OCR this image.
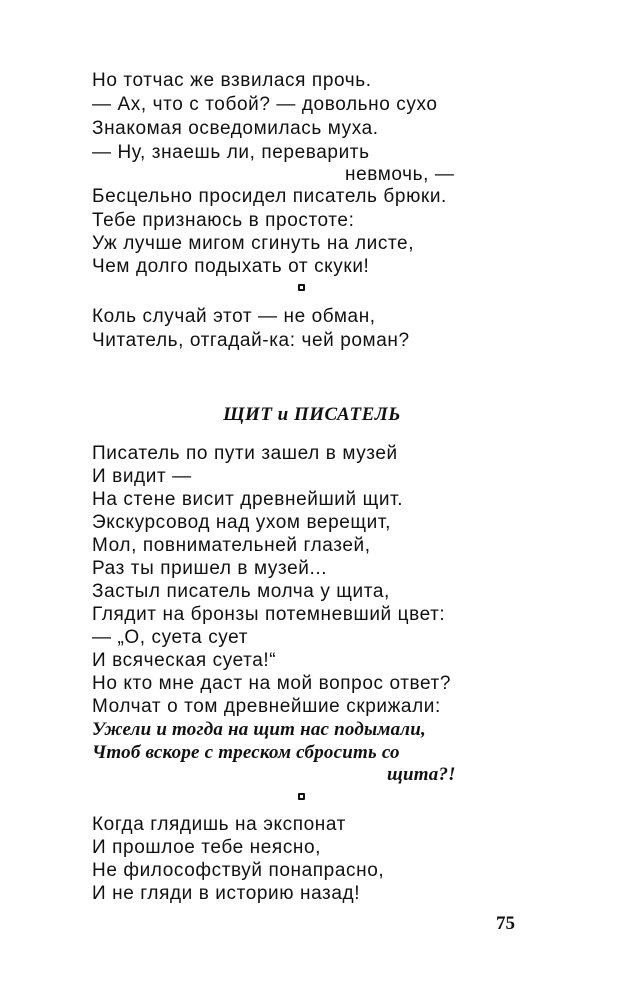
Но тотчас же взвилася прочь.
— Ах, что с тобой? — довольно сухо
Знакомая осведомилась муха.
— Ну, знаешь ли, переварить
невмочь, —
Бесцельно просидел писатель брюки.
Тебе признаюсь в простоте:
Уж лучше мигом сгинуть на листе,
Чем долго подыхать от скуки!
Коль случай этот — не обман,
Читатель, отгадай-ка: чей роман?
ЩИТ и ПИСАТЕЛЬ
Писатель по пути зашел в музей
И видит —
На стене висит древнейший щит.
Экскурсовод над ухом верещит,
Мол, повнимательней глазей,
Раз ты пришел в музей...
Застыл писатель молча у щита,
Глядит на бронзы потемневший цвет:
— „О, суета сует
И всяческая суета!“
Но кто мне даст на мой вопрос ответ?
Молчат о том древнейшие скрижали:
Ужели и тогда на щит нас подымали,
Чтоб вскоре с треском сбросить со
щита?!
Когда глядишь на экспонат
И прошлое тебе неясно,
Не философствуй понапрасно,
И не гляди в историю назад!
75
